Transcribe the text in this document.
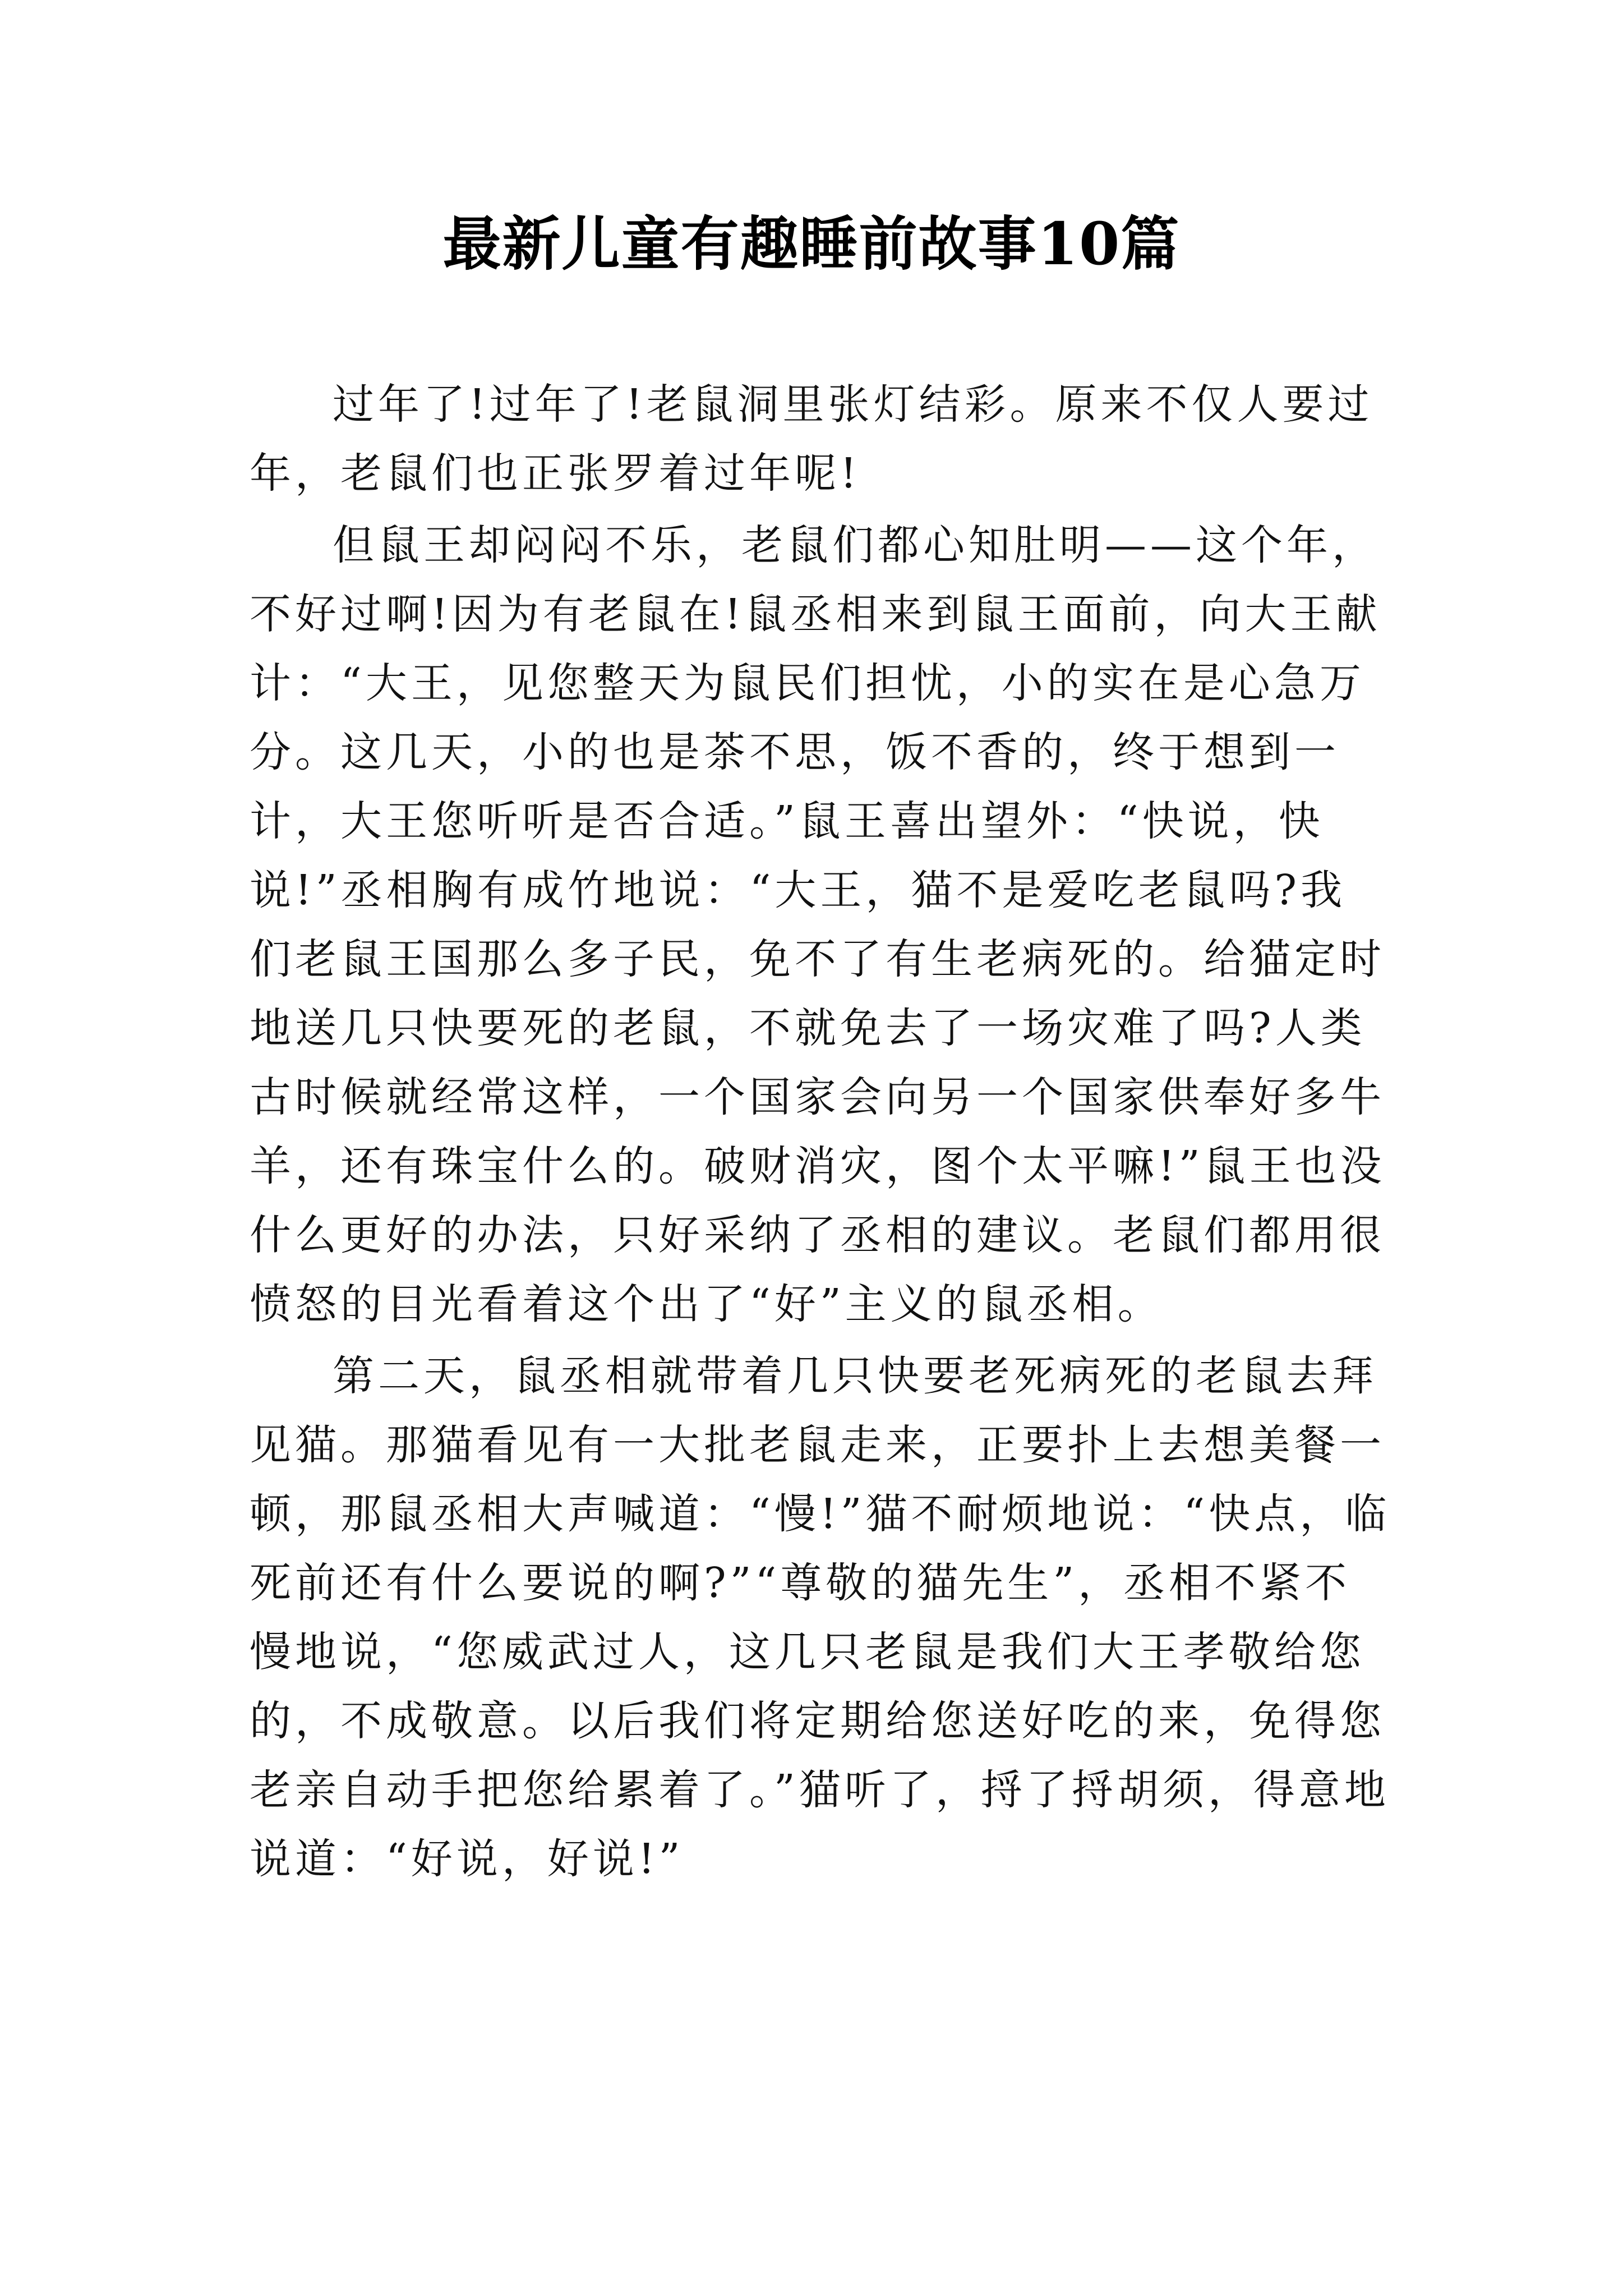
最新儿童有趣睡前故事10篇

过年了!过年了!老鼠洞里张灯结彩。原来不仅人要过年，老鼠们也正张罗着过年呢!

但鼠王却闷闷不乐，老鼠们都心知肚明——这个年，不好过啊!因为有老鼠在!鼠丞相来到鼠王面前，向大王献计：“大王，见您整天为鼠民们担忧，小的实在是心急万分。这几天，小的也是茶不思，饭不香的，终于想到一计，大王您听听是否合适。”鼠王喜出望外：“快说，快说!”丞相胸有成竹地说：“大王，猫不是爱吃老鼠吗?我们老鼠王国那么多子民，免不了有生老病死的。给猫定时地送几只快要死的老鼠，不就免去了一场灾难了吗?人类古时候就经常这样，一个国家会向另一个国家供奉好多牛羊，还有珠宝什么的。破财消灾，图个太平嘛!”鼠王也没什么更好的办法，只好采纳了丞相的建议。老鼠们都用很愤怒的目光看着这个出了“好”主义的鼠丞相。

第二天，鼠丞相就带着几只快要老死病死的老鼠去拜见猫。那猫看见有一大批老鼠走来，正要扑上去想美餐一顿，那鼠丞相大声喊道：“慢!”猫不耐烦地说：“快点，临死前还有什么要说的啊?”“尊敬的猫先生”，丞相不紧不慢地说，“您威武过人，这几只老鼠是我们大王孝敬给您的，不成敬意。以后我们将定期给您送好吃的来，免得您老亲自动手把您给累着了。”猫听了，捋了捋胡须，得意地说道：“好说，好说!”
